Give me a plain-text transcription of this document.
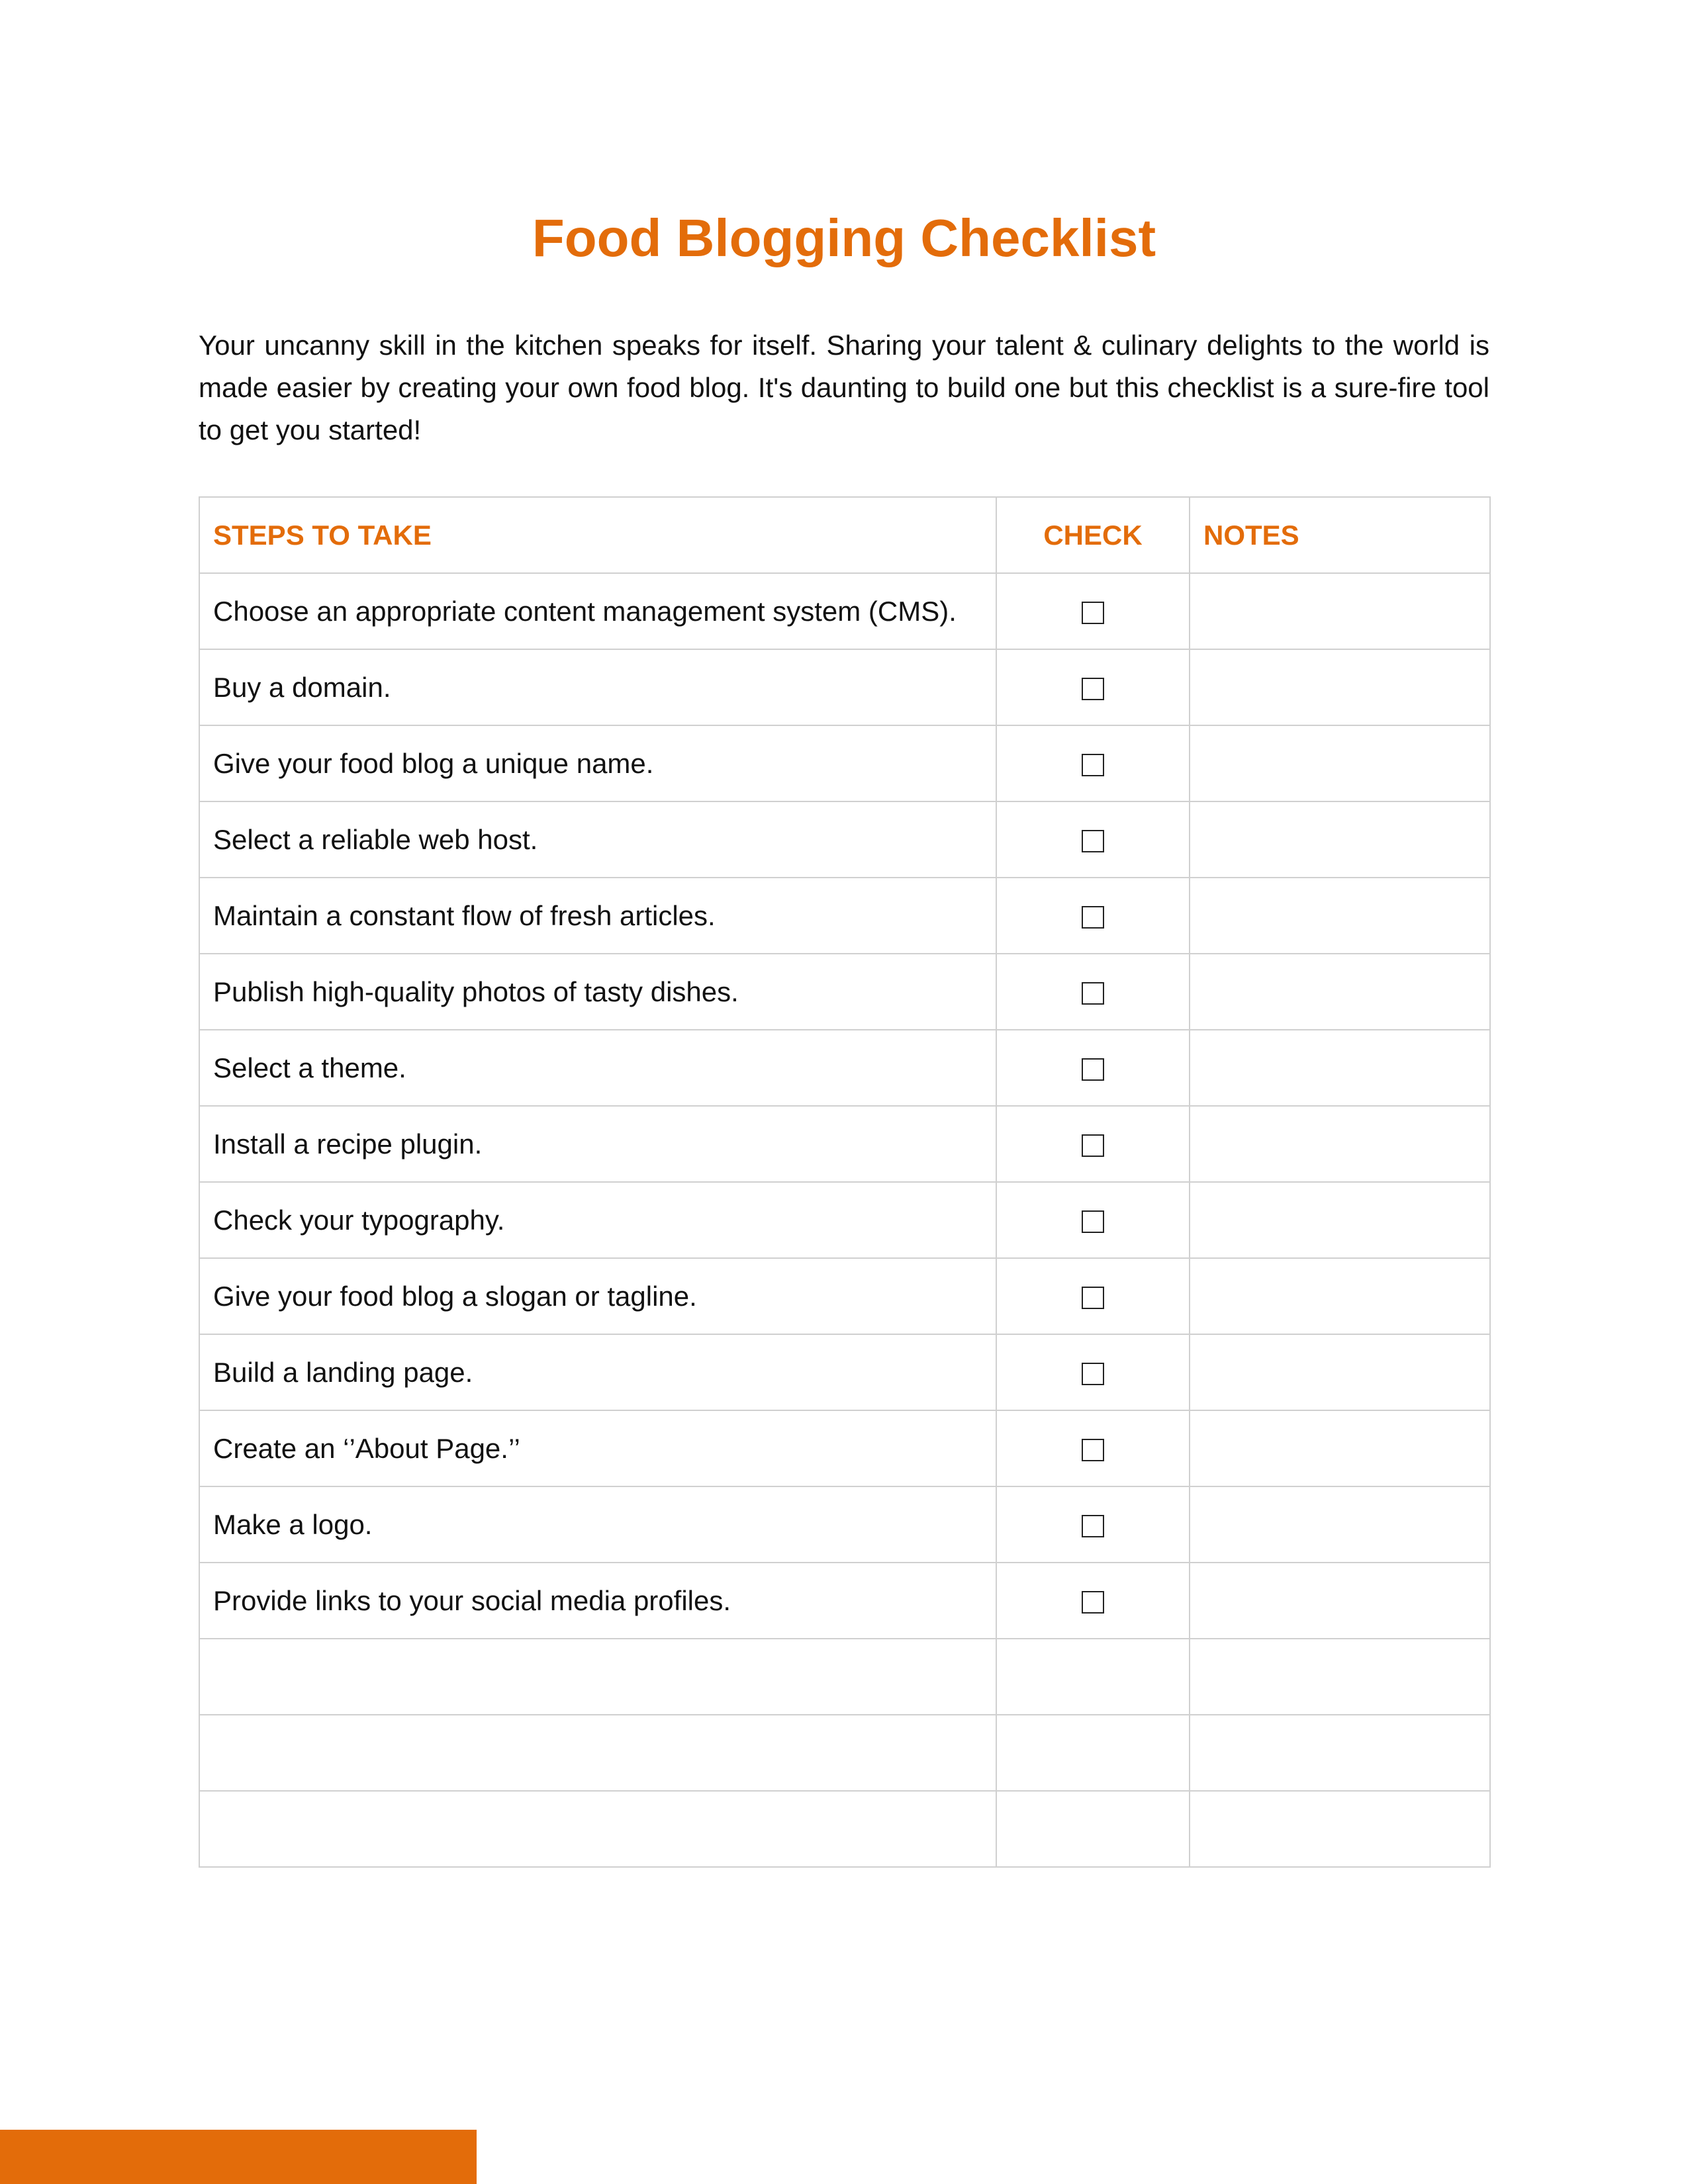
Food Blogging Checklist

Your uncanny skill in the kitchen speaks for itself. Sharing your talent & culinary delights to the world is made easier by creating your own food blog. It's daunting to build one but this checklist is a sure-fire tool to get you started!

STEPS TO TAKE	CHECK	NOTES
Choose an appropriate content management system (CMS).		
Buy a domain.		
Give your food blog a unique name.		
Select a reliable web host.		
Maintain a constant flow of fresh articles.		
Publish high-quality photos of tasty dishes.		
Select a theme.		
Install a recipe plugin.		
Check your typography.		
Give your food blog a slogan or tagline.		
Build a landing page.		
Create an ‘’About Page.’’		
Make a logo.		
Provide links to your social media profiles.		
